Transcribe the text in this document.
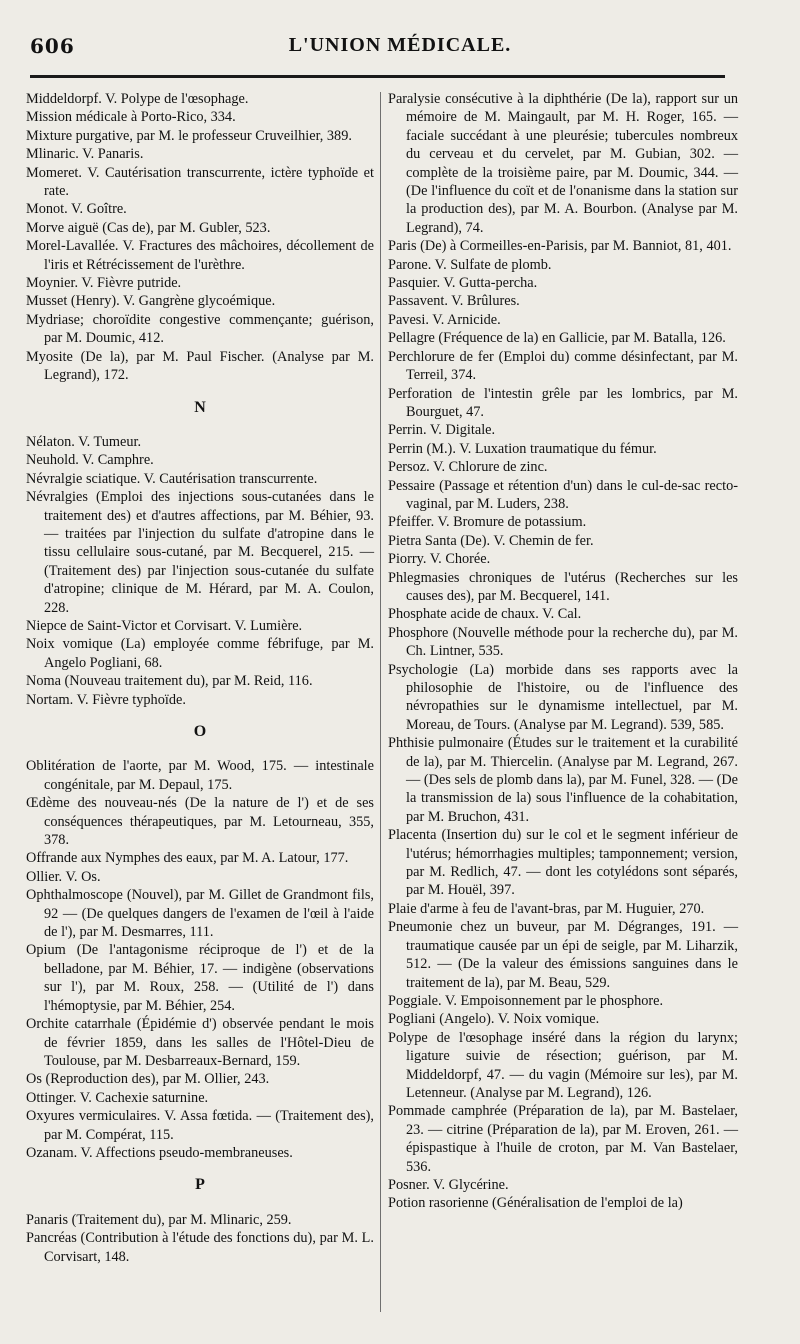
606	L'UNION MÉDICALE.

Middeldorpf. V. Polype de l'œsophage.

Mission médicale à Porto-Rico, 334.

Mixture purgative, par M. le professeur Cruveilhier, 389.

Mlinaric. V. Panaris.

Momeret. V. Cautérisation transcurrente, ictère typhoïde et rate.

Monot. V. Goître.

Morve aiguë (Cas de), par M. Gubler, 523.

Morel-Lavallée. V. Fractures des mâchoires, décollement de l'iris et Rétrécissement de l'urèthre.

Moynier. V. Fièvre putride.

Musset (Henry). V. Gangrène glycoémique.

Mydriase; choroïdite congestive commençante; guérison, par M. Doumic, 412.

Myosite (De la), par M. Paul Fischer. (Analyse par M. Legrand), 172.

N

Nélaton. V. Tumeur.

Neuhold. V. Camphre.

Névralgie sciatique. V. Cautérisation transcurrente.

Névralgies (Emploi des injections sous-cutanées dans le traitement des) et d'autres affections, par M. Béhier, 93. — traitées par l'injection du sulfate d'atropine dans le tissu cellulaire sous-cutané, par M. Becquerel, 215. — (Traitement des) par l'injection sous-cutanée du sulfate d'atropine; clinique de M. Hérard, par M. A. Coulon, 228.

Niepce de Saint-Victor et Corvisart. V. Lumière.

Noix vomique (La) employée comme fébrifuge, par M. Angelo Pogliani, 68.

Noma (Nouveau traitement du), par M. Reid, 116.

Nortam. V. Fièvre typhoïde.

O

Oblitération de l'aorte, par M. Wood, 175. — intestinale congénitale, par M. Depaul, 175.

Œdème des nouveau-nés (De la nature de l') et de ses conséquences thérapeutiques, par M. Letourneau, 355, 378.

Offrande aux Nymphes des eaux, par M. A. Latour, 177.

Ollier. V. Os.

Ophthalmoscope (Nouvel), par M. Gillet de Grandmont fils, 92 — (De quelques dangers de l'examen de l'œil à l'aide de l'), par M. Desmarres, 111.

Opium (De l'antagonisme réciproque de l') et de la belladone, par M. Béhier, 17. — indigène (observations sur l'), par M. Roux, 258. — (Utilité de l') dans l'hémoptysie, par M. Béhier, 254.

Orchite catarrhale (Épidémie d') observée pendant le mois de février 1859, dans les salles de l'Hôtel-Dieu de Toulouse, par M. Desbarreaux-Bernard, 159.

Os (Reproduction des), par M. Ollier, 243.

Ottinger. V. Cachexie saturnine.

Oxyures vermiculaires. V. Assa fœtida. — (Traitement des), par M. Compérat, 115.

Ozanam. V. Affections pseudo-membraneuses.

P

Panaris (Traitement du), par M. Mlinaric, 259.

Pancréas (Contribution à l'étude des fonctions du), par M. L. Corvisart, 148.

Paralysie consécutive à la diphthérie (De la), rapport sur un mémoire de M. Maingault, par M. H. Roger, 165. — faciale succédant à une pleurésie; tubercules nombreux du cerveau et du cervelet, par M. Gubian, 302. — complète de la troisième paire, par M. Doumic, 344. — (De l'influence du coït et de l'onanisme dans la station sur la production des), par M. A. Bourbon. (Analyse par M. Legrand), 74.

Paris (De) à Cormeilles-en-Parisis, par M. Banniot, 81, 401.

Parone. V. Sulfate de plomb.

Pasquier. V. Gutta-percha.

Passavent. V. Brûlures.

Pavesi. V. Arnicide.

Pellagre (Fréquence de la) en Gallicie, par M. Batalla, 126.

Perchlorure de fer (Emploi du) comme désinfectant, par M. Terreil, 374.

Perforation de l'intestin grêle par les lombrics, par M. Bourguet, 47.

Perrin. V. Digitale.

Perrin (M.). V. Luxation traumatique du fémur.

Persoz. V. Chlorure de zinc.

Pessaire (Passage et rétention d'un) dans le cul-de-sac recto-vaginal, par M. Luders, 238.

Pfeiffer. V. Bromure de potassium.

Pietra Santa (De). V. Chemin de fer.

Piorry. V. Chorée.

Phlegmasies chroniques de l'utérus (Recherches sur les causes des), par M. Becquerel, 141.

Phosphate acide de chaux. V. Cal.

Phosphore (Nouvelle méthode pour la recherche du), par M. Ch. Lintner, 535.

Psychologie (La) morbide dans ses rapports avec la philosophie de l'histoire, ou de l'influence des névropathies sur le dynamisme intellectuel, par M. Moreau, de Tours. (Analyse par M. Legrand). 539, 585.

Phthisie pulmonaire (Études sur le traitement et la curabilité de la), par M. Thiercelin. (Analyse par M. Legrand, 267. — (Des sels de plomb dans la), par M. Funel, 328. — (De la transmission de la) sous l'influence de la cohabitation, par M. Bruchon, 431.

Placenta (Insertion du) sur le col et le segment inférieur de l'utérus; hémorrhagies multiples; tamponnement; version, par M. Redlich, 47. — dont les cotylédons sont séparés, par M. Houël, 397.

Plaie d'arme à feu de l'avant-bras, par M. Huguier, 270.

Pneumonie chez un buveur, par M. Dégranges, 191. — traumatique causée par un épi de seigle, par M. Liharzik, 512. — (De la valeur des émissions sanguines dans le traitement de la), par M. Beau, 529.

Poggiale. V. Empoisonnement par le phosphore.

Pogliani (Angelo). V. Noix vomique.

Polype de l'œsophage inséré dans la région du larynx; ligature suivie de résection; guérison, par M. Middeldorpf, 47. — du vagin (Mémoire sur les), par M. Letenneur. (Analyse par M. Legrand), 126.

Pommade camphrée (Préparation de la), par M. Bastelaer, 23. — citrine (Préparation de la), par M. Eroven, 261. — épispastique à l'huile de croton, par M. Van Bastelaer, 536.

Posner. V. Glycérine.

Potion rasorienne (Généralisation de l'emploi de la)
